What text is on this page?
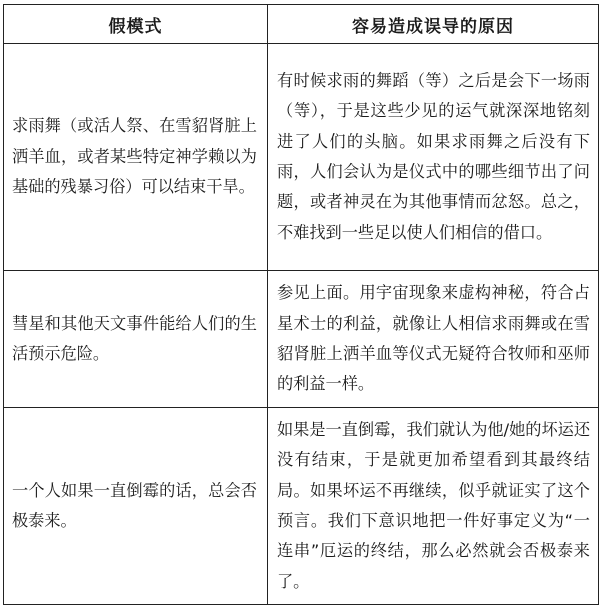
假模式	容易造成误导的原因
求雨舞（或活人祭、在雪貂肾脏上洒羊血，或者某些特定神学赖以为基础的残暴习俗）可以结束干旱。	有时候求雨的舞蹈（等）之后是会下一场雨（等），于是这些少见的运气就深深地铭刻进了人们的头脑。如果求雨舞之后没有下雨，人们会认为是仪式中的哪些细节出了问题，或者神灵在为其他事情而忿怒。总之，不难找到一些足以使人们相信的借口。
彗星和其他天文事件能给人们的生活预示危险。	参见上面。用宇宙现象来虚构神秘，符合占星术士的利益，就像让人相信求雨舞或在雪貂肾脏上洒羊血等仪式无疑符合牧师和巫师的利益一样。
一个人如果一直倒霉的话，总会否极泰来。	如果是一直倒霉，我们就认为他/她的坏运还没有结束，于是就更加希望看到其最终结局。如果坏运不再继续，似乎就证实了这个预言。我们下意识地把一件好事定义为“一连串”厄运的终结，那么必然就会否极泰来了。
